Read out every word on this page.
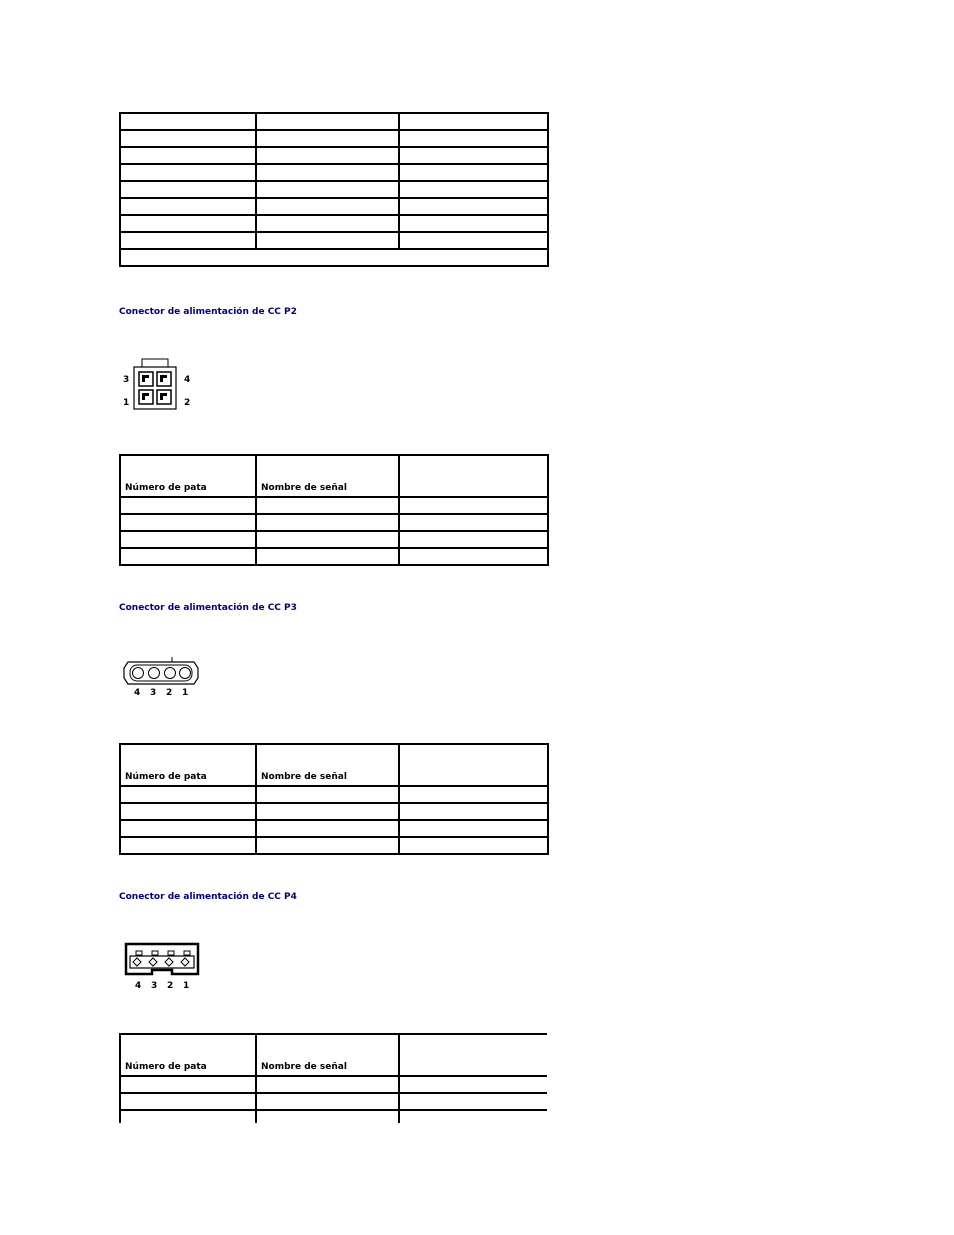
Conector de alimentación de CC P2
3	4
1	2
Número de pata	Nombre de señal	

Conector de alimentación de CC P3
4 3 2 1
Número de pata	Nombre de señal	

Conector de alimentación de CC P4
4 3 2 1
Número de pata	Nombre de señal	
